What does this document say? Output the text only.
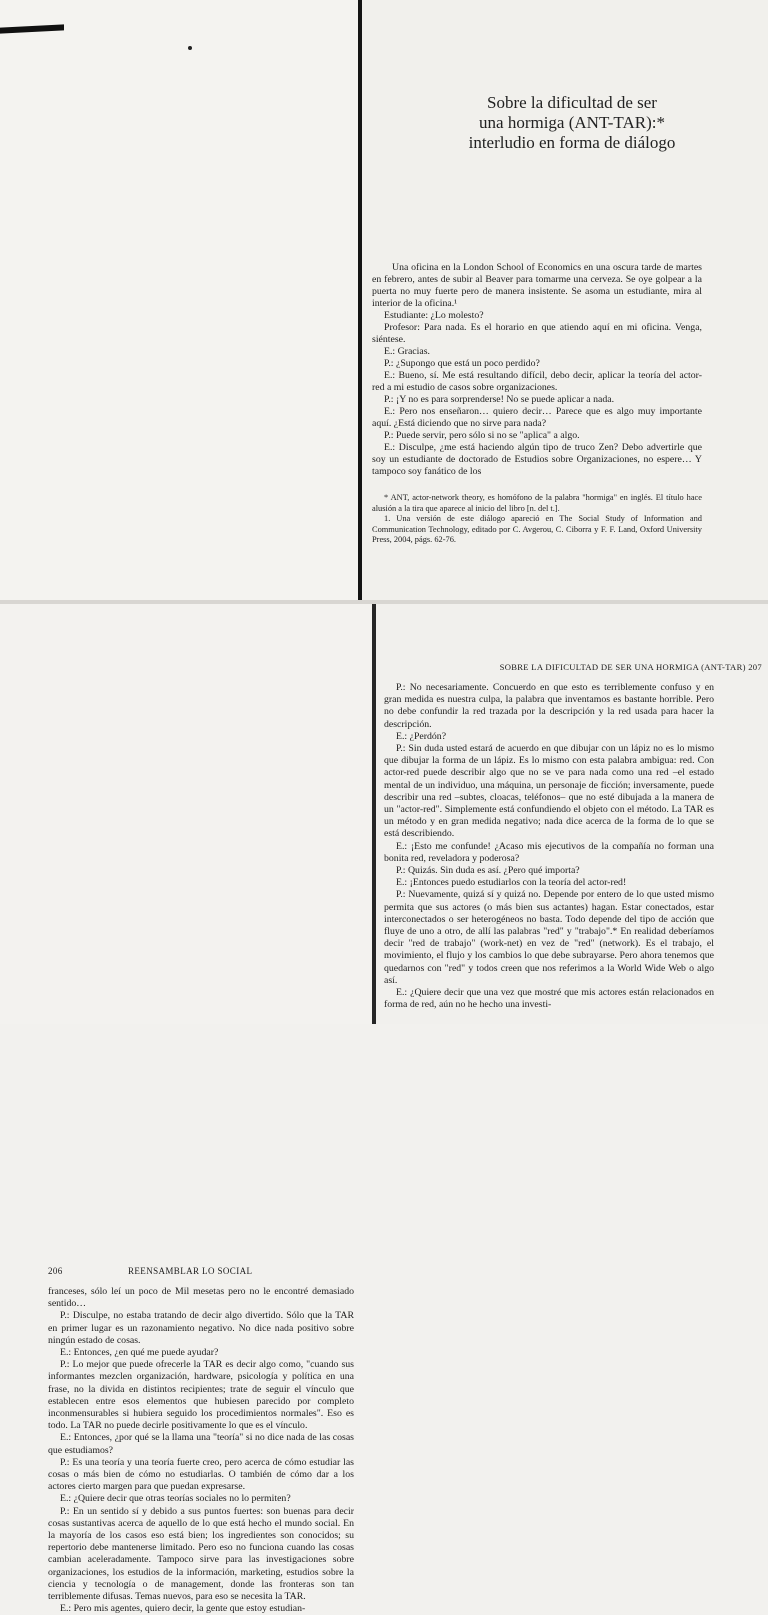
Sobre la dificultad de ser
una hormiga (ANT-TAR):*
interludio en forma de diálogo

Una oficina en la London School of Economics en una oscura tarde de martes en febrero, antes de subir al Beaver para tomarme una cerveza. Se oye golpear a la puerta no muy fuerte pero de manera insistente. Se asoma un estudiante, mira al interior de la oficina.¹

Estudiante: ¿Lo molesto?

Profesor: Para nada. Es el horario en que atiendo aquí en mi oficina. Venga, siéntese.

E.: Gracias.

P.: ¿Supongo que está un poco perdido?

E.: Bueno, sí. Me está resultando difícil, debo decir, aplicar la teoría del actor-red a mi estudio de casos sobre organizaciones.

P.: ¡Y no es para sorprenderse! No se puede aplicar a nada.

E.: Pero nos enseñaron… quiero decir… Parece que es algo muy importante aquí. ¿Está diciendo que no sirve para nada?

P.: Puede servir, pero sólo si no se "aplica" a algo.

E.: Disculpe, ¿me está haciendo algún tipo de truco Zen? Debo advertirle que soy un estudiante de doctorado de Estudios sobre Organizaciones, no espere… Y tampoco soy fanático de los

* ANT, actor-network theory, es homófono de la palabra "hormiga" en inglés. El título hace alusión a la tira que aparece al inicio del libro [n. del t.].

1. Una versión de este diálogo apareció en The Social Study of Information and Communication Technology, editado por C. Avgerou, C. Ciborra y F. F. Land, Oxford University Press, 2004, págs. 62-76.

206	REENSAMBLAR LO SOCIAL

franceses, sólo leí un poco de Mil mesetas pero no le encontré demasiado sentido…

P.: Disculpe, no estaba tratando de decir algo divertido. Sólo que la TAR en primer lugar es un razonamiento negativo. No dice nada positivo sobre ningún estado de cosas.

E.: Entonces, ¿en qué me puede ayudar?

P.: Lo mejor que puede ofrecerle la TAR es decir algo como, "cuando sus informantes mezclen organización, hardware, psicología y política en una frase, no la divida en distintos recipientes; trate de seguir el vínculo que establecen entre esos elementos que hubiesen parecido por completo inconmensurables si hubiera seguido los procedimientos normales". Eso es todo. La TAR no puede decirle positivamente lo que es el vínculo.

E.: Entonces, ¿por qué se la llama una "teoría" si no dice nada de las cosas que estudiamos?

P.: Es una teoría y una teoría fuerte creo, pero acerca de cómo estudiar las cosas o más bien de cómo no estudiarlas. O también de cómo dar a los actores cierto margen para que puedan expresarse.

E.: ¿Quiere decir que otras teorías sociales no lo permiten?

P.: En un sentido sí y debido a sus puntos fuertes: son buenas para decir cosas sustantivas acerca de aquello de lo que está hecho el mundo social. En la mayoría de los casos eso está bien; los ingredientes son conocidos; su repertorio debe mantenerse limitado. Pero eso no funciona cuando las cosas cambian aceleradamente. Tampoco sirve para las investigaciones sobre organizaciones, los estudios de la información, marketing, estudios sobre la ciencia y tecnología o de management, donde las fronteras son tan terriblemente difusas. Temas nuevos, para eso se necesita la TAR.

E.: Pero mis agentes, quiero decir, la gente que estoy estudian-

SOBRE LA DIFICULTAD DE SER UNA HORMIGA (ANT-TAR) 207

P.: No necesariamente. Concuerdo en que esto es terriblemente confuso y en gran medida es nuestra culpa, la palabra que inventamos es bastante horrible. Pero no debe confundir la red trazada por la descripción y la red usada para hacer la descripción.

E.: ¿Perdón?

P.: Sin duda usted estará de acuerdo en que dibujar con un lápiz no es lo mismo que dibujar la forma de un lápiz. Es lo mismo con esta palabra ambigua: red. Con actor-red puede describir algo que no se ve para nada como una red –el estado mental de un individuo, una máquina, un personaje de ficción; inversamente, puede describir una red –subtes, cloacas, teléfonos– que no esté dibujada a la manera de un "actor-red". Simplemente está confundiendo el objeto con el método. La TAR es un método y en gran medida negativo; nada dice acerca de la forma de lo que se está describiendo.

E.: ¡Esto me confunde! ¿Acaso mis ejecutivos de la compañía no forman una bonita red, reveladora y poderosa?

P.: Quizás. Sin duda es así. ¿Pero qué importa?

E.: ¡Entonces puedo estudiarlos con la teoría del actor-red!

P.: Nuevamente, quizá sí y quizá no. Depende por entero de lo que usted mismo permita que sus actores (o más bien sus actantes) hagan. Estar conectados, estar interconectados o ser heterogéneos no basta. Todo depende del tipo de acción que fluye de uno a otro, de allí las palabras "red" y "trabajo".* En realidad deberíamos decir "red de trabajo" (work-net) en vez de "red" (network). Es el trabajo, el movimiento, el flujo y los cambios lo que debe subrayarse. Pero ahora tenemos que quedarnos con "red" y todos creen que nos referimos a la World Wide Web o algo así.

E.: ¿Quiere decir que una vez que mostré que mis actores están relacionados en forma de red, aún no he hecho una investi-
